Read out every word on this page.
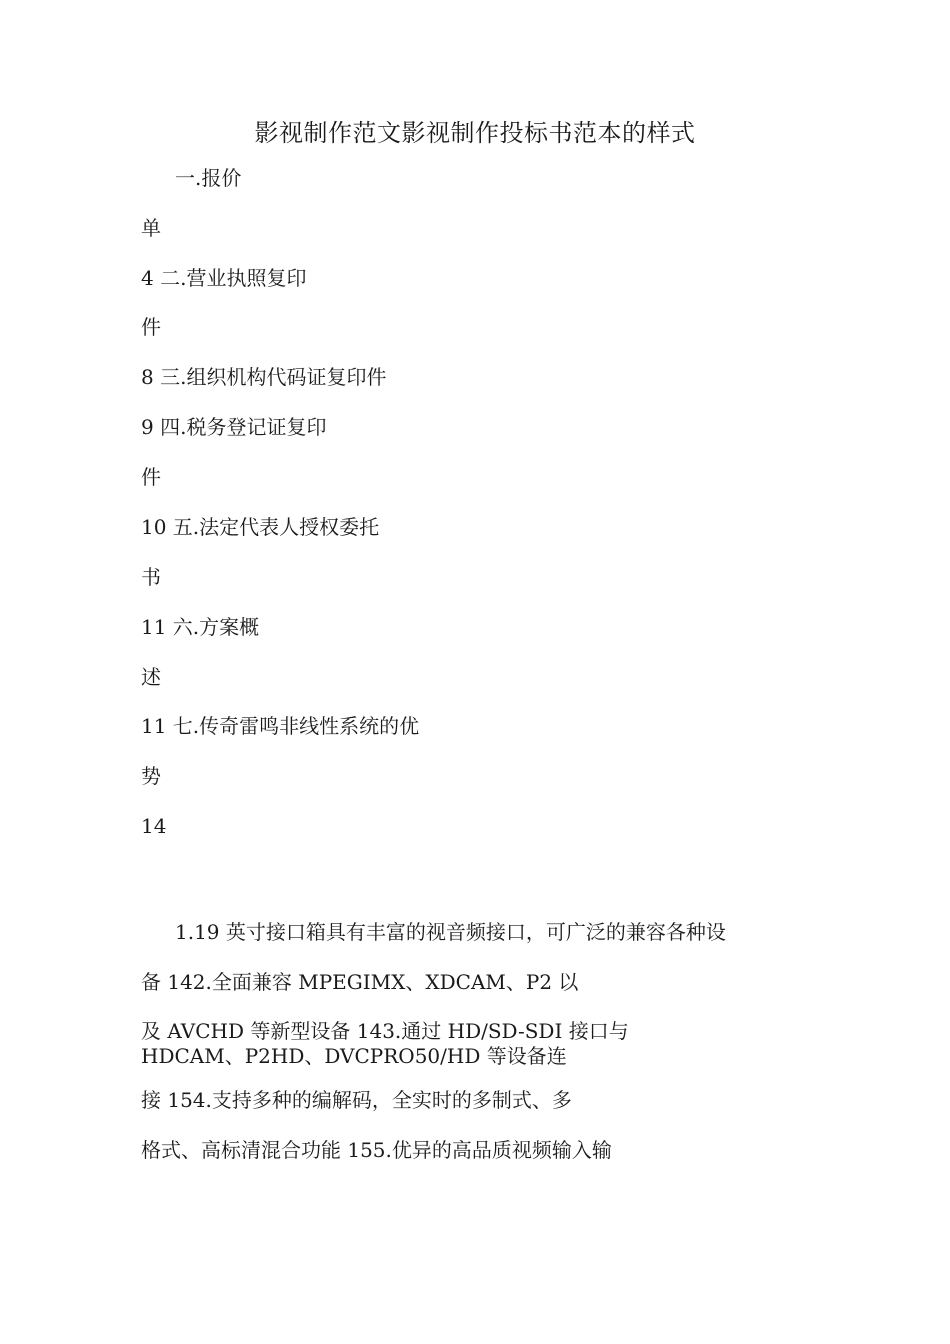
影视制作范文影视制作投标书范本的样式
一.报价
单
4 二.营业执照复印
件
8 三.组织机构代码证复印件
9 四.税务登记证复印
件
10 五.法定代表人授权委托
书
11 六.方案概
述
11 七.传奇雷鸣非线性系统的优
势
14
1.19 英寸接口箱具有丰富的视音频接口，可广泛的兼容各种设
备 142.全面兼容 MPEGIMX、XDCAM、P2 以
及 AVCHD 等新型设备 143.通过 HD/SD-SDI 接口与
HDCAM、P2HD、DVCPRO50/HD 等设备连
接 154.支持多种的编解码，全实时的多制式、多
格式、高标清混合功能 155.优异的高品质视频输入输
